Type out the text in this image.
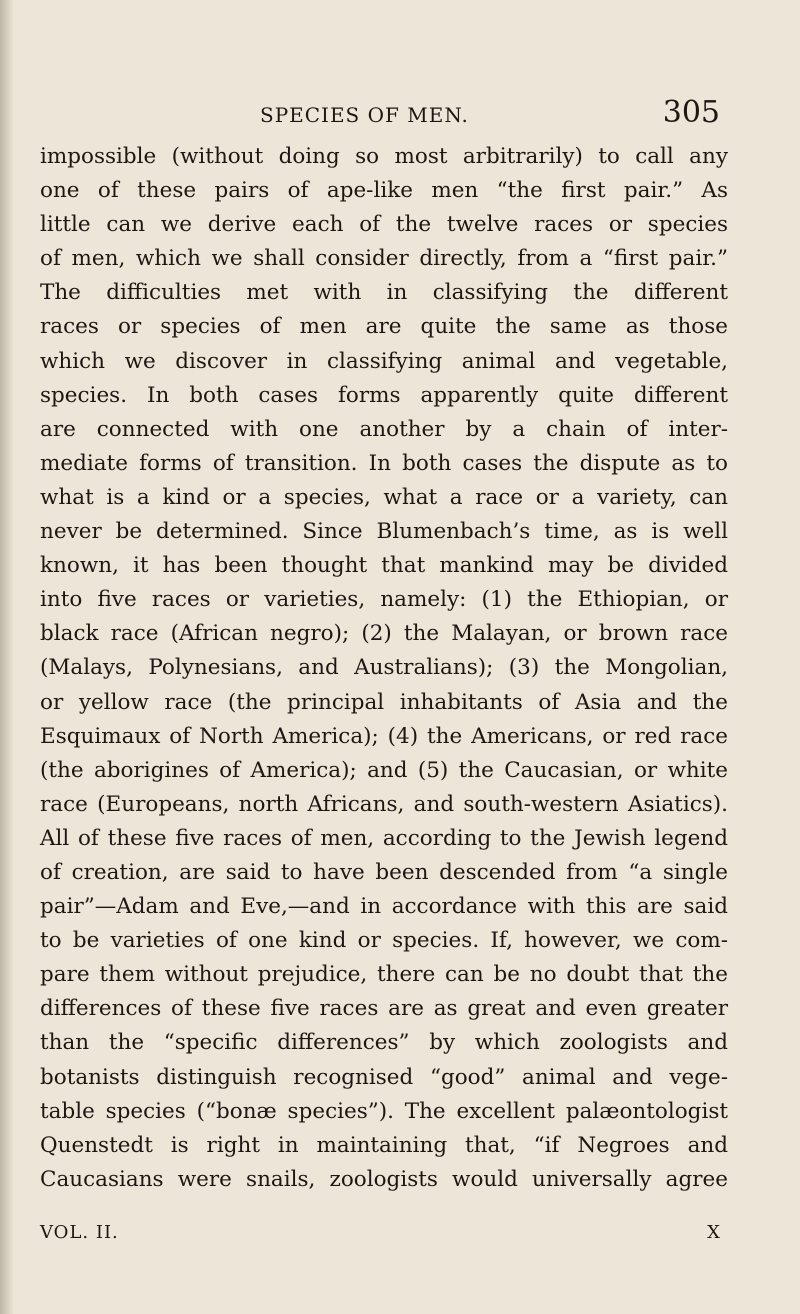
SPECIES OF MEN.	305
impossible (without doing so most arbitrarily) to call any
one of these pairs of ape-like men “the first pair.” As
little can we derive each of the twelve races or species
of men, which we shall consider directly, from a “first pair.”
The difficulties met with in classifying the different
races or species of men are quite the same as those
which we discover in classifying animal and vegetable,
species. In both cases forms apparently quite different
are connected with one another by a chain of inter-
mediate forms of transition. In both cases the dispute as to
what is a kind or a species, what a race or a variety, can
never be determined. Since Blumenbach’s time, as is well
known, it has been thought that mankind may be divided
into five races or varieties, namely: (1) the Ethiopian, or
black race (African negro); (2) the Malayan, or brown race
(Malays, Polynesians, and Australians); (3) the Mongolian,
or yellow race (the principal inhabitants of Asia and the
Esquimaux of North America); (4) the Americans, or red race
(the aborigines of America); and (5) the Caucasian, or white
race (Europeans, north Africans, and south-western Asiatics).
All of these five races of men, according to the Jewish legend
of creation, are said to have been descended from “a single
pair”—Adam and Eve,—and in accordance with this are said
to be varieties of one kind or species. If, however, we com-
pare them without prejudice, there can be no doubt that the
differences of these five races are as great and even greater
than the “specific differences” by which zoologists and
botanists distinguish recognised “good” animal and vege-
table species (“bonæ species”). The excellent palæontologist
Quenstedt is right in maintaining that, “if Negroes and
Caucasians were snails, zoologists would universally agree
VOL. II.	X
